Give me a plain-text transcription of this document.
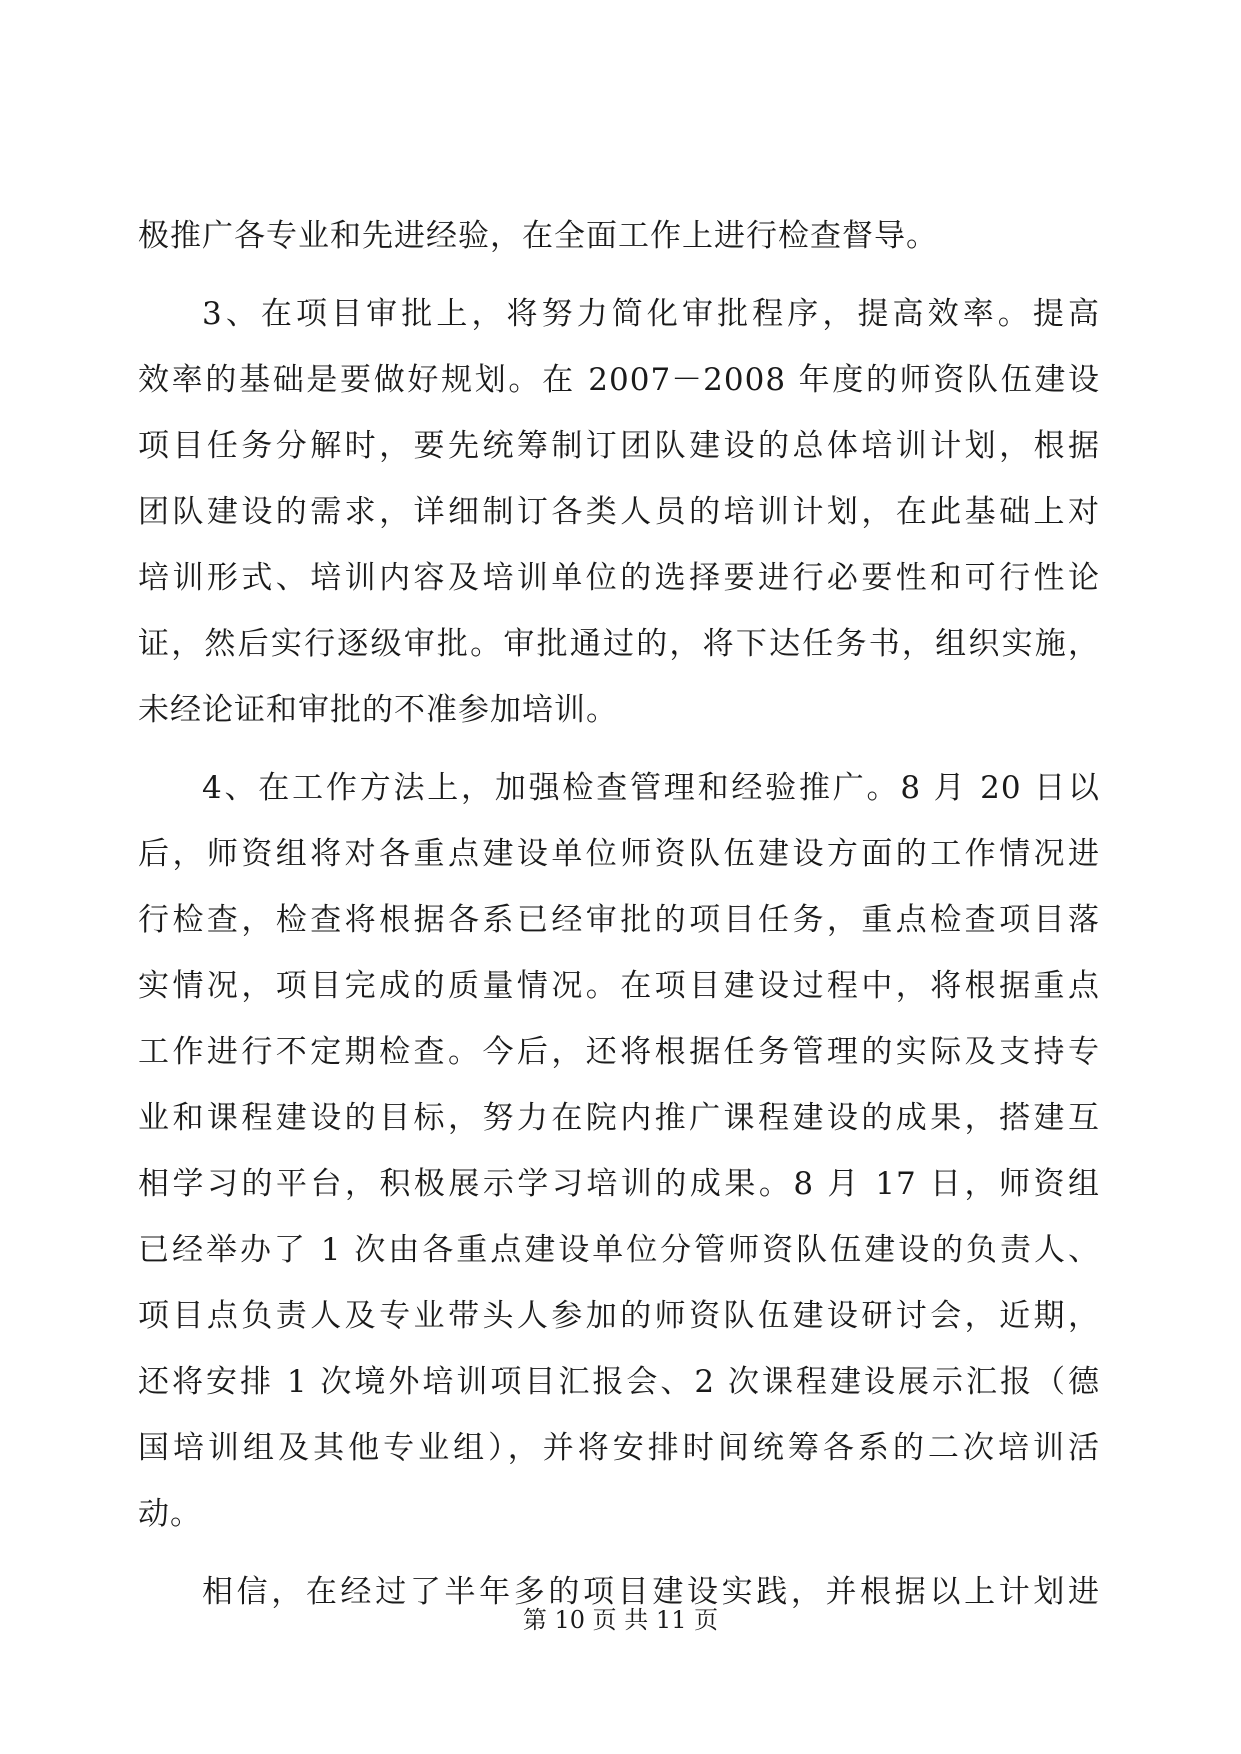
极推广各专业和先进经验，在全面工作上进行检查督导。
3、在项目审批上，将努力简化审批程序，提高效率。提高
效率的基础是要做好规划。在 2007－2008 年度的师资队伍建设
项目任务分解时，要先统筹制订团队建设的总体培训计划，根据
团队建设的需求，详细制订各类人员的培训计划，在此基础上对
培训形式、培训内容及培训单位的选择要进行必要性和可行性论
证，然后实行逐级审批。审批通过的，将下达任务书，组织实施，
未经论证和审批的不准参加培训。
4、在工作方法上，加强检查管理和经验推广。8 月 20 日以
后，师资组将对各重点建设单位师资队伍建设方面的工作情况进
行检查，检查将根据各系已经审批的项目任务，重点检查项目落
实情况，项目完成的质量情况。在项目建设过程中，将根据重点
工作进行不定期检查。今后，还将根据任务管理的实际及支持专
业和课程建设的目标，努力在院内推广课程建设的成果，搭建互
相学习的平台，积极展示学习培训的成果。8 月 17 日，师资组
已经举办了 1 次由各重点建设单位分管师资队伍建设的负责人、
项目点负责人及专业带头人参加的师资队伍建设研讨会，近期，
还将安排 1 次境外培训项目汇报会、2 次课程建设展示汇报（德
国培训组及其他专业组），并将安排时间统筹各系的二次培训活
动。
相信，在经过了半年多的项目建设实践，并根据以上计划进
第 10 页 共 11 页
